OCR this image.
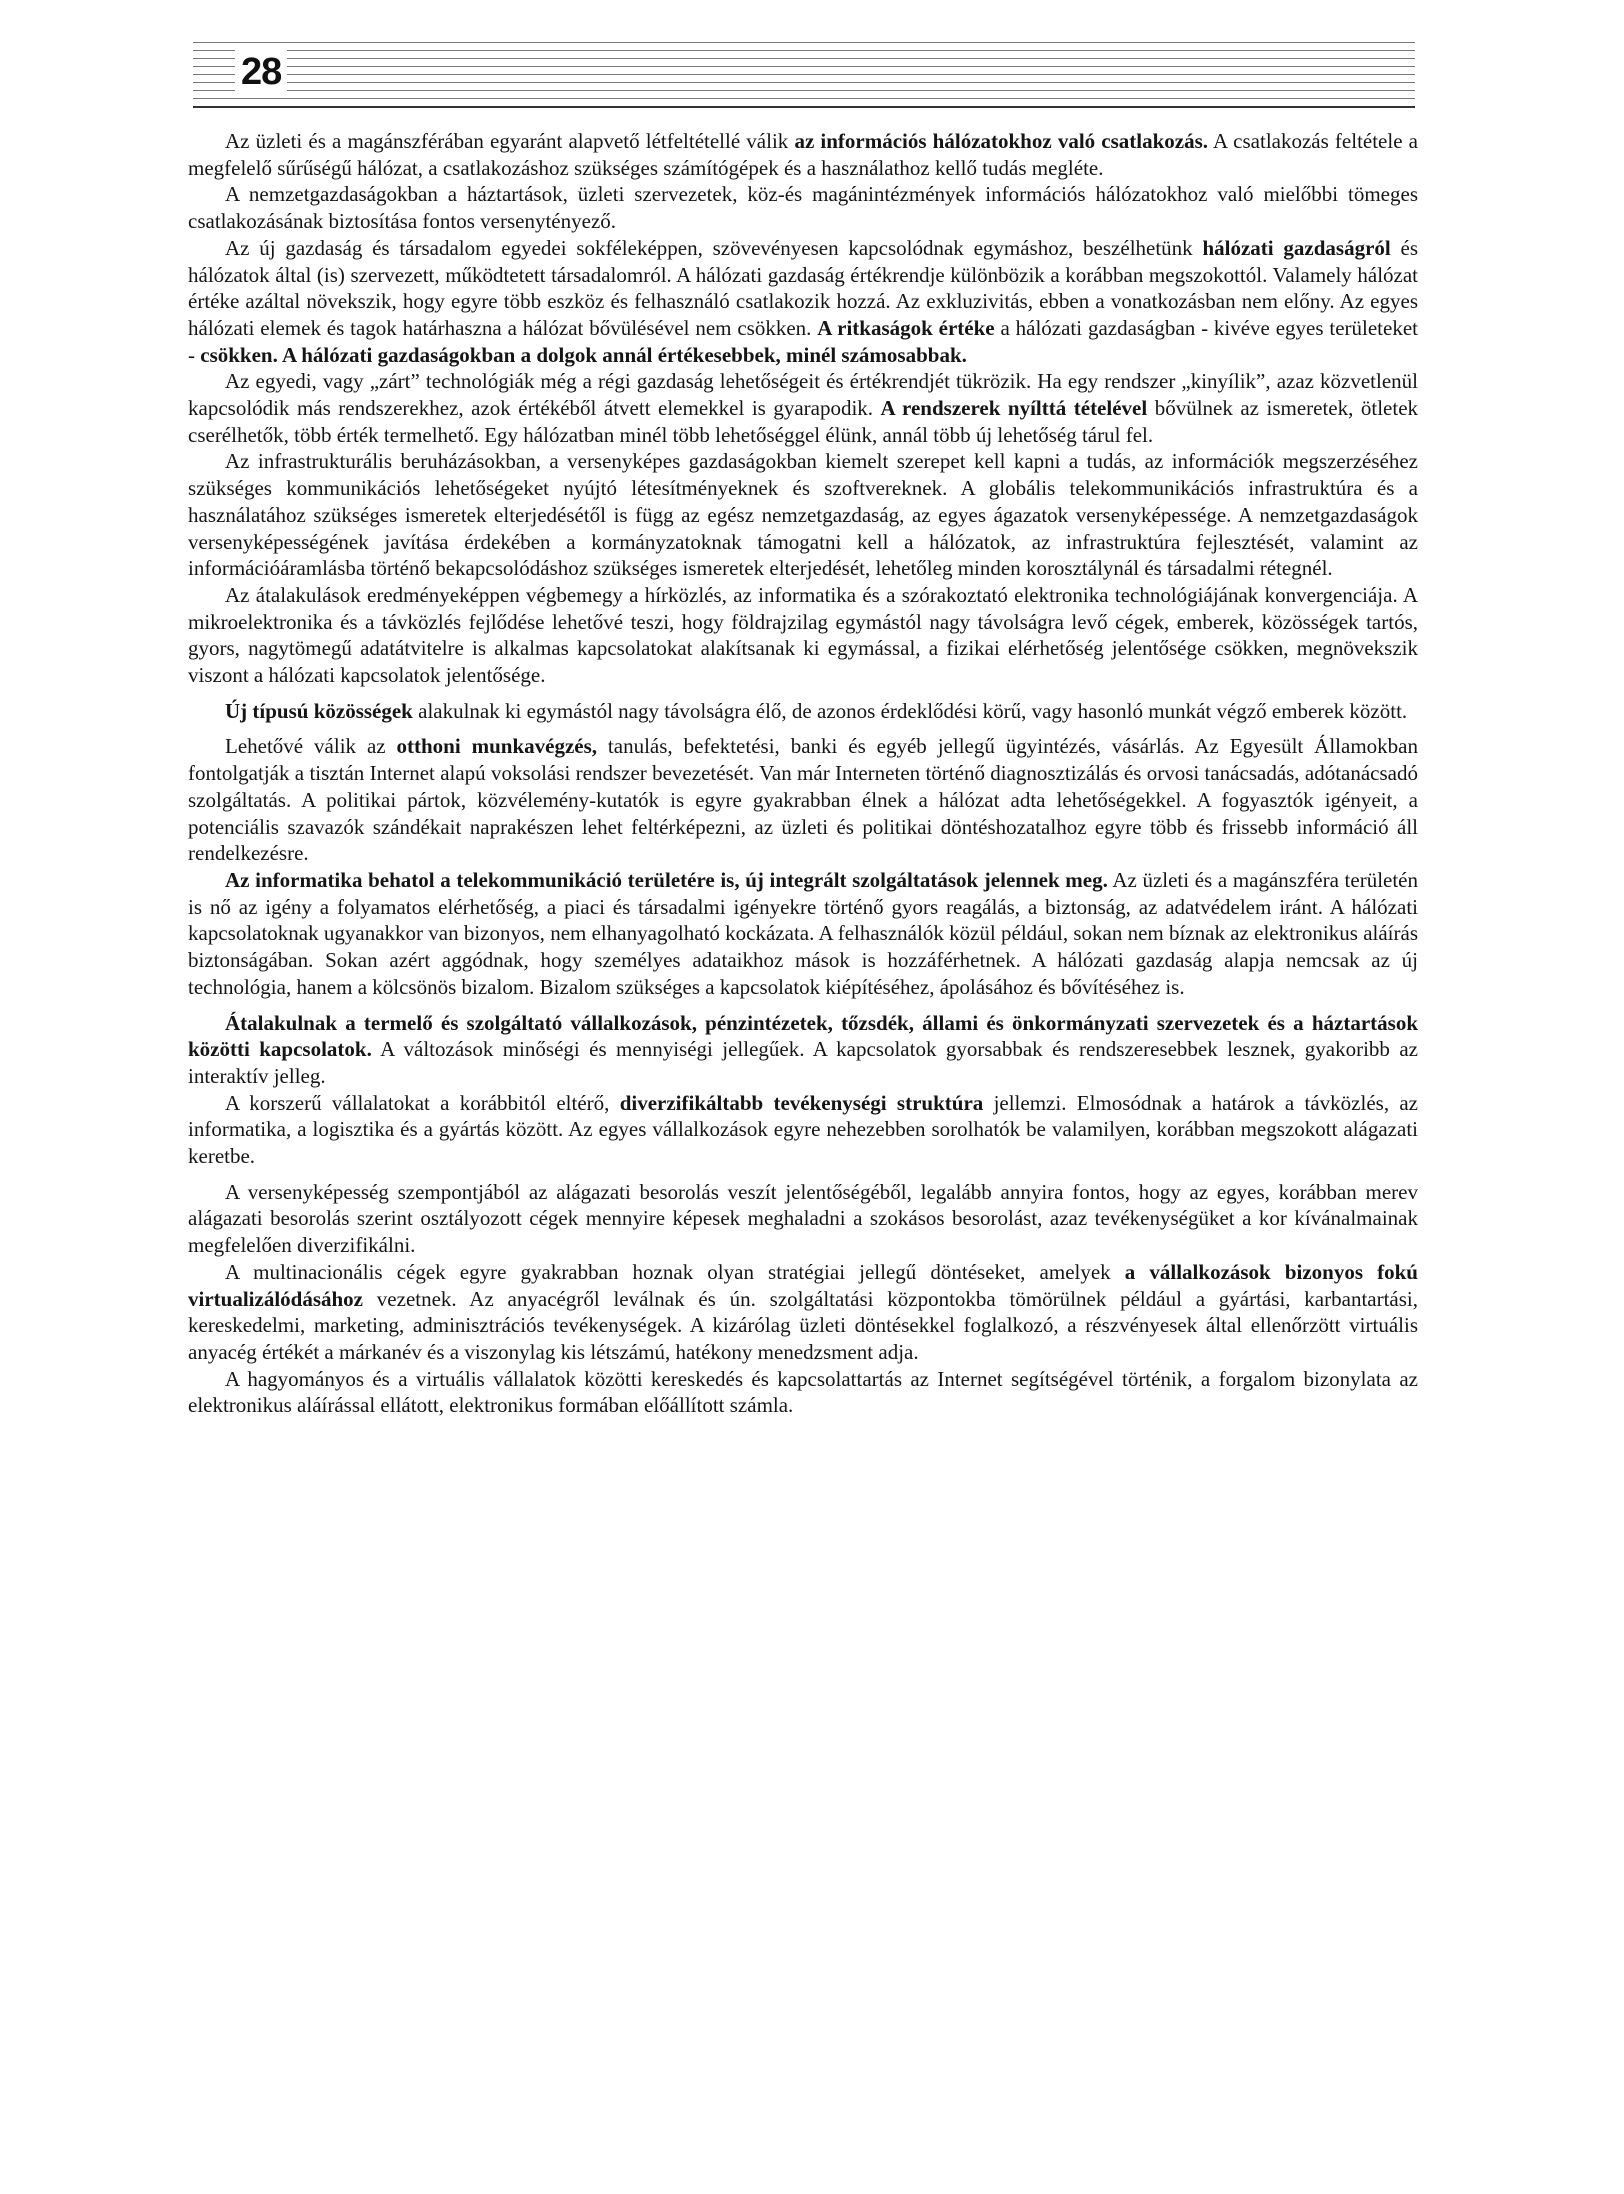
28

Az üzleti és a magánszférában egyaránt alapvető létfeltétellé válik az információs hálózatokhoz való csatlakozás. A csatlakozás feltétele a megfelelő sűrűségű hálózat, a csatlakozáshoz szükséges számítógépek és a használathoz kellő tudás megléte.

A nemzetgazdaságokban a háztartások, üzleti szervezetek, köz-és magánintézmények információs hálózatokhoz való mielőbbi tömeges csatlakozásának biztosítása fontos versenytényező.

Az új gazdaság és társadalom egyedei sokféleképpen, szövevényesen kapcsolódnak egymáshoz, beszélhetünk hálózati gazdaságról és hálózatok által (is) szervezett, működtetett társadalomról. A hálózati gazdaság értékrendje különbözik a korábban megszokottól. Valamely hálózat értéke azáltal növekszik, hogy egyre több eszköz és felhasználó csatlakozik hozzá. Az exkluzivitás, ebben a vonatkozásban nem előny. Az egyes hálózati elemek és tagok határhaszna a hálózat bővülésével nem csökken. A ritkaságok értéke a hálózati gazdaságban - kivéve egyes területeket - csökken. A hálózati gazdaságokban a dolgok annál értékesebbek, minél számosabbak.

Az egyedi, vagy „zárt” technológiák még a régi gazdaság lehetőségeit és értékrendjét tükrözik. Ha egy rendszer „kinyílik”, azaz közvetlenül kapcsolódik más rendszerekhez, azok értékéből átvett elemekkel is gyarapodik. A rendszerek nyílttá tételével bővülnek az ismeretek, ötletek cserélhetők, több érték termelhető. Egy hálózatban minél több lehetőséggel élünk, annál több új lehetőség tárul fel.

Az infrastrukturális beruházásokban, a versenyképes gazdaságokban kiemelt szerepet kell kapni a tudás, az információk megszerzéséhez szükséges kommunikációs lehetőségeket nyújtó létesítményeknek és szoftvereknek. A globális telekommunikációs infrastruktúra és a használatához szükséges ismeretek elterjedésétől is függ az egész nemzetgazdaság, az egyes ágazatok versenyképessége. A nemzetgazdaságok versenyképességének javítása érdekében a kormányzatoknak támogatni kell a hálózatok, az infrastruktúra fejlesztését, valamint az információáramlásba történő bekapcsolódáshoz szükséges ismeretek elterjedését, lehetőleg minden korosztálynál és társadalmi rétegnél.

Az átalakulások eredményeképpen végbemegy a hírközlés, az informatika és a szórakoztató elektronika technológiájának konvergenciája. A mikroelektronika és a távközlés fejlődése lehetővé teszi, hogy földrajzilag egymástól nagy távolságra levő cégek, emberek, közösségek tartós, gyors, nagytömegű adatátvitelre is alkalmas kapcsolatokat alakítsanak ki egymással, a fizikai elérhetőség jelentősége csökken, megnövekszik viszont a hálózati kapcsolatok jelentősége.

Új típusú közösségek alakulnak ki egymástól nagy távolságra élő, de azonos érdeklődési körű, vagy hasonló munkát végző emberek között.

Lehetővé válik az otthoni munkavégzés, tanulás, befektetési, banki és egyéb jellegű ügyintézés, vásárlás. Az Egyesült Államokban fontolgatják a tisztán Internet alapú voksolási rendszer bevezetését. Van már Interneten történő diagnosztizálás és orvosi tanácsadás, adótanácsadó szolgáltatás. A politikai pártok, közvélemény-kutatók is egyre gyakrabban élnek a hálózat adta lehetőségekkel. A fogyasztók igényeit, a potenciális szavazók szándékait naprakészen lehet feltérképezni, az üzleti és politikai döntéshozatalhoz egyre több és frissebb információ áll rendelkezésre.

Az informatika behatol a telekommunikáció területére is, új integrált szolgáltatások jelennek meg. Az üzleti és a magánszféra területén is nő az igény a folyamatos elérhetőség, a piaci és társadalmi igényekre történő gyors reagálás, a biztonság, az adatvédelem iránt. A hálózati kapcsolatoknak ugyanakkor van bizonyos, nem elhanyagolható kockázata. A felhasználók közül például, sokan nem bíznak az elektronikus aláírás biztonságában. Sokan azért aggódnak, hogy személyes adataikhoz mások is hozzáférhetnek. A hálózati gazdaság alapja nemcsak az új technológia, hanem a kölcsönös bizalom. Bizalom szükséges a kapcsolatok kiépítéséhez, ápolásához és bővítéséhez is.

Átalakulnak a termelő és szolgáltató vállalkozások, pénzintézetek, tőzsdék, állami és önkormányzati szervezetek és a háztartások közötti kapcsolatok. A változások minőségi és mennyiségi jellegűek. A kapcsolatok gyorsabbak és rendszeresebbek lesznek, gyakoribb az interaktív jelleg.

A korszerű vállalatokat a korábbitól eltérő, diverzifikáltabb tevékenységi struktúra jellemzi. Elmosódnak a határok a távközlés, az informatika, a logisztika és a gyártás között. Az egyes vállalkozások egyre nehezebben sorolhatók be valamilyen, korábban megszokott alágazati keretbe.

A versenyképesség szempontjából az alágazati besorolás veszít jelentőségéből, legalább annyira fontos, hogy az egyes, korábban merev alágazati besorolás szerint osztályozott cégek mennyire képesek meghaladni a szokásos besorolást, azaz tevékenységüket a kor kívánalmainak megfelelően diverzifikálni.

A multinacionális cégek egyre gyakrabban hoznak olyan stratégiai jellegű döntéseket, amelyek a vállalkozások bizonyos fokú virtualizálódásához vezetnek. Az anyacégről leválnak és ún. szolgáltatási központokba tömörülnek például a gyártási, karbantartási, kereskedelmi, marketing, adminisztrációs tevékenységek. A kizárólag üzleti döntésekkel foglalkozó, a részvényesek által ellenőrzött virtuális anyacég értékét a márkanév és a viszonylag kis létszámú, hatékony menedzsment adja.

A hagyományos és a virtuális vállalatok közötti kereskedés és kapcsolattartás az Internet segítségével történik, a forgalom bizonylata az elektronikus aláírással ellátott, elektronikus formában előállított számla.
